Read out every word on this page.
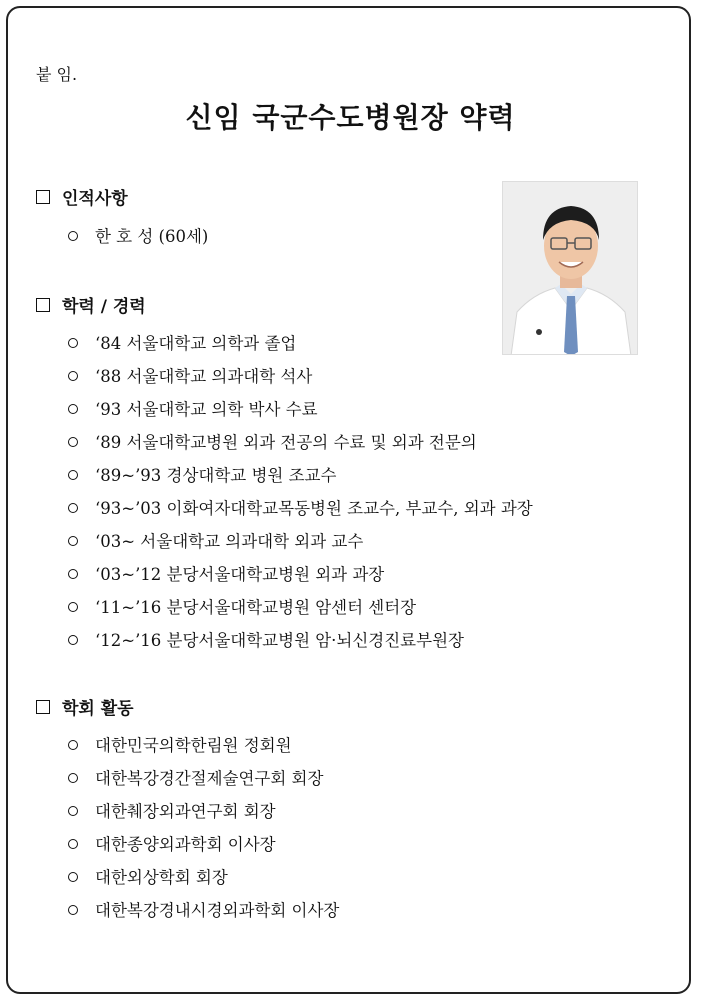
붙 임.
신임 국군수도병원장 약력
인적사항
한 호 성 (60세)
학력 / 경력
‘84 서울대학교 의학과 졸업
‘88 서울대학교 의과대학 석사
‘93 서울대학교 의학 박사 수료
‘89 서울대학교병원 외과 전공의 수료 및 외과 전문의
‘89~’93 경상대학교 병원 조교수
‘93~’03 이화여자대학교목동병원 조교수, 부교수, 외과 과장
‘03~ 서울대학교 의과대학 외과 교수
‘03~’12 분당서울대학교병원 외과 과장
‘11~’16 분당서울대학교병원 암센터 센터장
‘12~’16 분당서울대학교병원 암·뇌신경진료부원장
학회 활동
대한민국의학한림원 정회원
대한복강경간절제술연구회 회장
대한췌장외과연구회 회장
대한종양외과학회 이사장
대한외상학회 회장
대한복강경내시경외과학회 이사장
